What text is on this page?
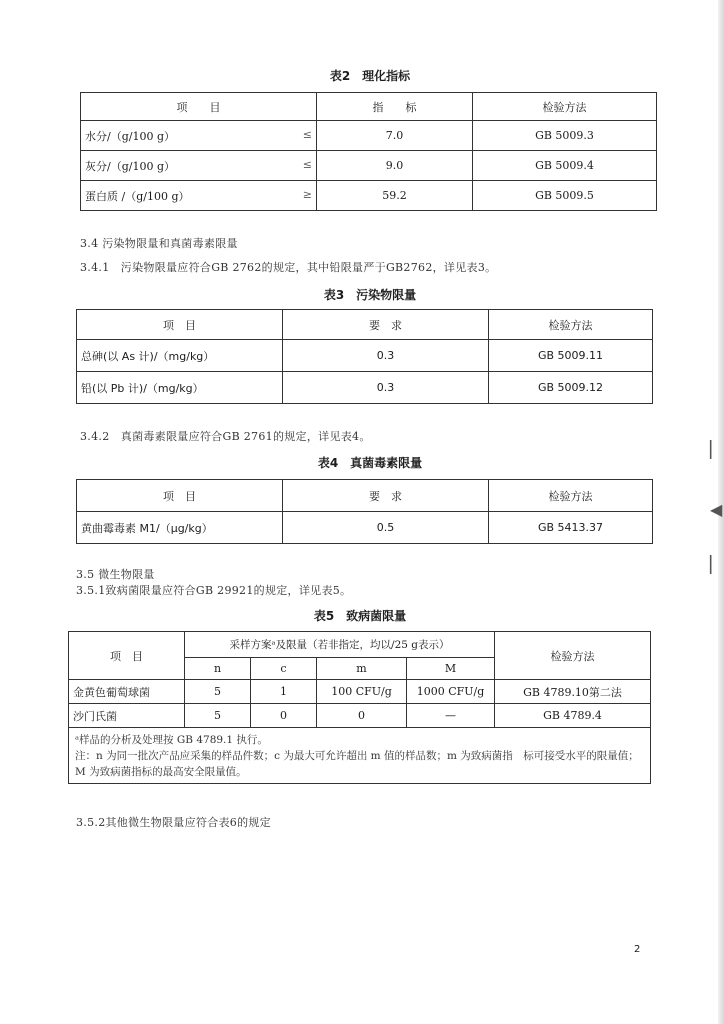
表2　理化指标
项　　目	指　　标	检验方法
水分/（g/100 g） ≤	7.0	GB 5009.3
灰分/（g/100 g） ≤	9.0	GB 5009.4
蛋白质 /（g/100 g） ≥	59.2	GB 5009.5
3.4 污染物限量和真菌毒素限量
3.4.1　污染物限量应符合GB 2762的规定，其中铅限量严于GB2762，详见表3。
表3　污染物限量
项　目	要　求	检验方法
总砷(以 As 计)/（mg/kg）	0.3	GB 5009.11
铅(以 Pb 计)/（mg/kg）	0.3	GB 5009.12
3.4.2　真菌毒素限量应符合GB 2761的规定，详见表4。
表4　真菌毒素限量
项　目	要　求	检验方法
黄曲霉毒素 M1/（μg/kg）	0.5	GB 5413.37
3.5 微生物限量
3.5.1致病菌限量应符合GB 29921的规定，详见表5。
表5　致病菌限量
项　目	采样方案ᵃ及限量（若非指定，均以/25 g表示）				检验方法
	n	c	m	M	
金黄色葡萄球菌	5	1	100 CFU/g	1000 CFU/g	GB 4789.10第二法
沙门氏菌	5	0	0	—	GB 4789.4

ᵃ样品的分析及处理按 GB 4789.1 执行。
注：n 为同一批次产品应采集的样品件数；c 为最大可允许超出 m 值的样品数；m 为致病菌指　标可接受水平的限量值；M 为致病菌指标的最高安全限量值。					
3.5.2其他微生物限量应符合表6的规定
2
▏
◀
▏
